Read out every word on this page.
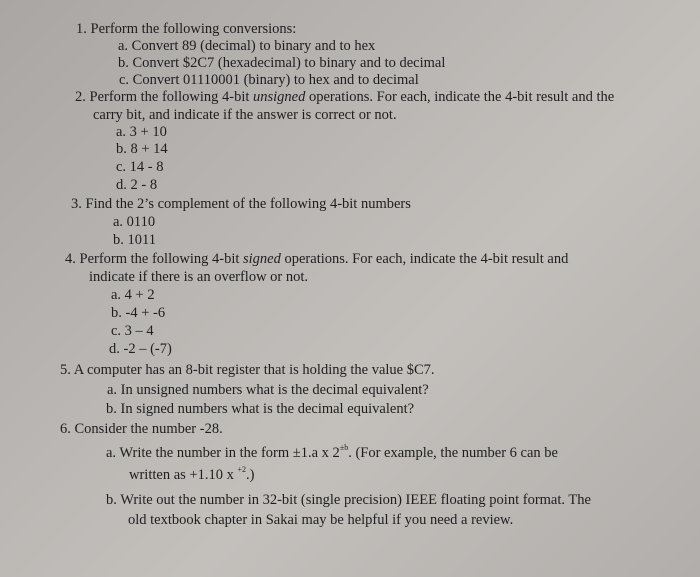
1. Perform the following conversions:
a. Convert 89 (decimal) to binary and to hex
b. Convert $2C7 (hexadecimal) to binary and to decimal
c. Convert 01110001 (binary) to hex and to decimal
2. Perform the following 4-bit unsigned operations. For each, indicate the 4-bit result and the
carry bit, and indicate if the answer is correct or not.
a. 3 + 10
b. 8 + 14
c. 14 - 8
d. 2 - 8
3. Find the 2’s complement of the following 4-bit numbers
a. 0110
b. 1011
4. Perform the following 4-bit signed operations. For each, indicate the 4-bit result and
indicate if there is an overflow or not.
a. 4 + 2
b. -4 + -6
c. 3 – 4
d. -2 – (-7)
5. A computer has an 8-bit register that is holding the value $C7.
a. In unsigned numbers what is the decimal equivalent?
b. In signed numbers what is the decimal equivalent?
6. Consider the number -28.
a. Write the number in the form ±1.a x $2^{\pm b}$. (For example, the number 6 can be
written as +1.10 x $^{+2}$.)
b. Write out the number in 32-bit (single precision) IEEE floating point format. The
old textbook chapter in Sakai may be helpful if you need a review.
